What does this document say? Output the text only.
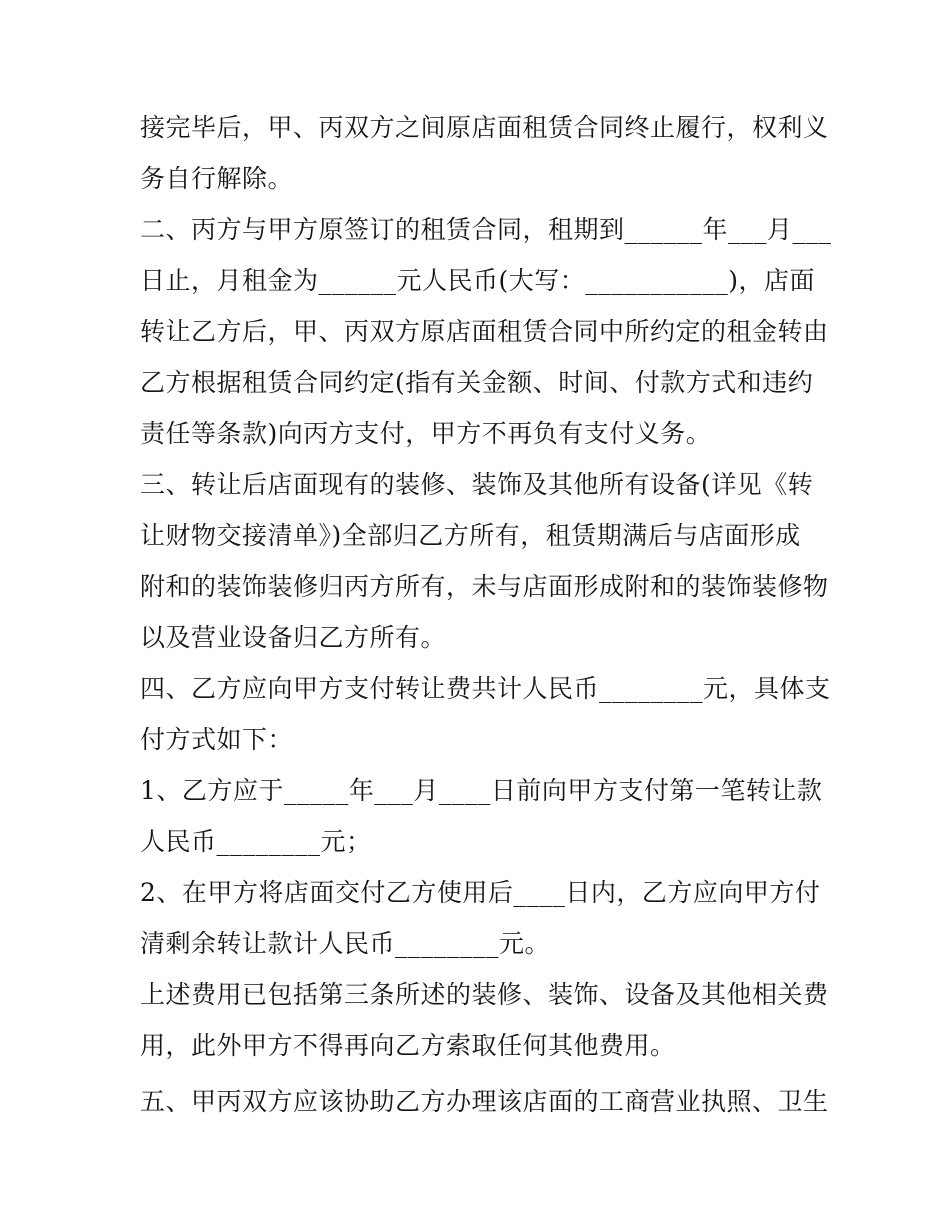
接完毕后，甲、丙双方之间原店面租赁合同终止履行，权利义
务自行解除。
二、丙方与甲方原签订的租赁合同，租期到______年___月___
日止，月租金为______元人民币(大写：___________)，店面
转让乙方后，甲、丙双方原店面租赁合同中所约定的租金转由
乙方根据租赁合同约定(指有关金额、时间、付款方式和违约
责任等条款)向丙方支付，甲方不再负有支付义务。
三、转让后店面现有的装修、装饰及其他所有设备(详见《转
让财物交接清单》)全部归乙方所有，租赁期满后与店面形成
附和的装饰装修归丙方所有，未与店面形成附和的装饰装修物
以及营业设备归乙方所有。
四、乙方应向甲方支付转让费共计人民币________元，具体支
付方式如下：
1、乙方应于_____年___月____日前向甲方支付第一笔转让款
人民币________元；
2、在甲方将店面交付乙方使用后____日内，乙方应向甲方付
清剩余转让款计人民币________元。
上述费用已包括第三条所述的装修、装饰、设备及其他相关费
用，此外甲方不得再向乙方索取任何其他费用。
五、甲丙双方应该协助乙方办理该店面的工商营业执照、卫生
